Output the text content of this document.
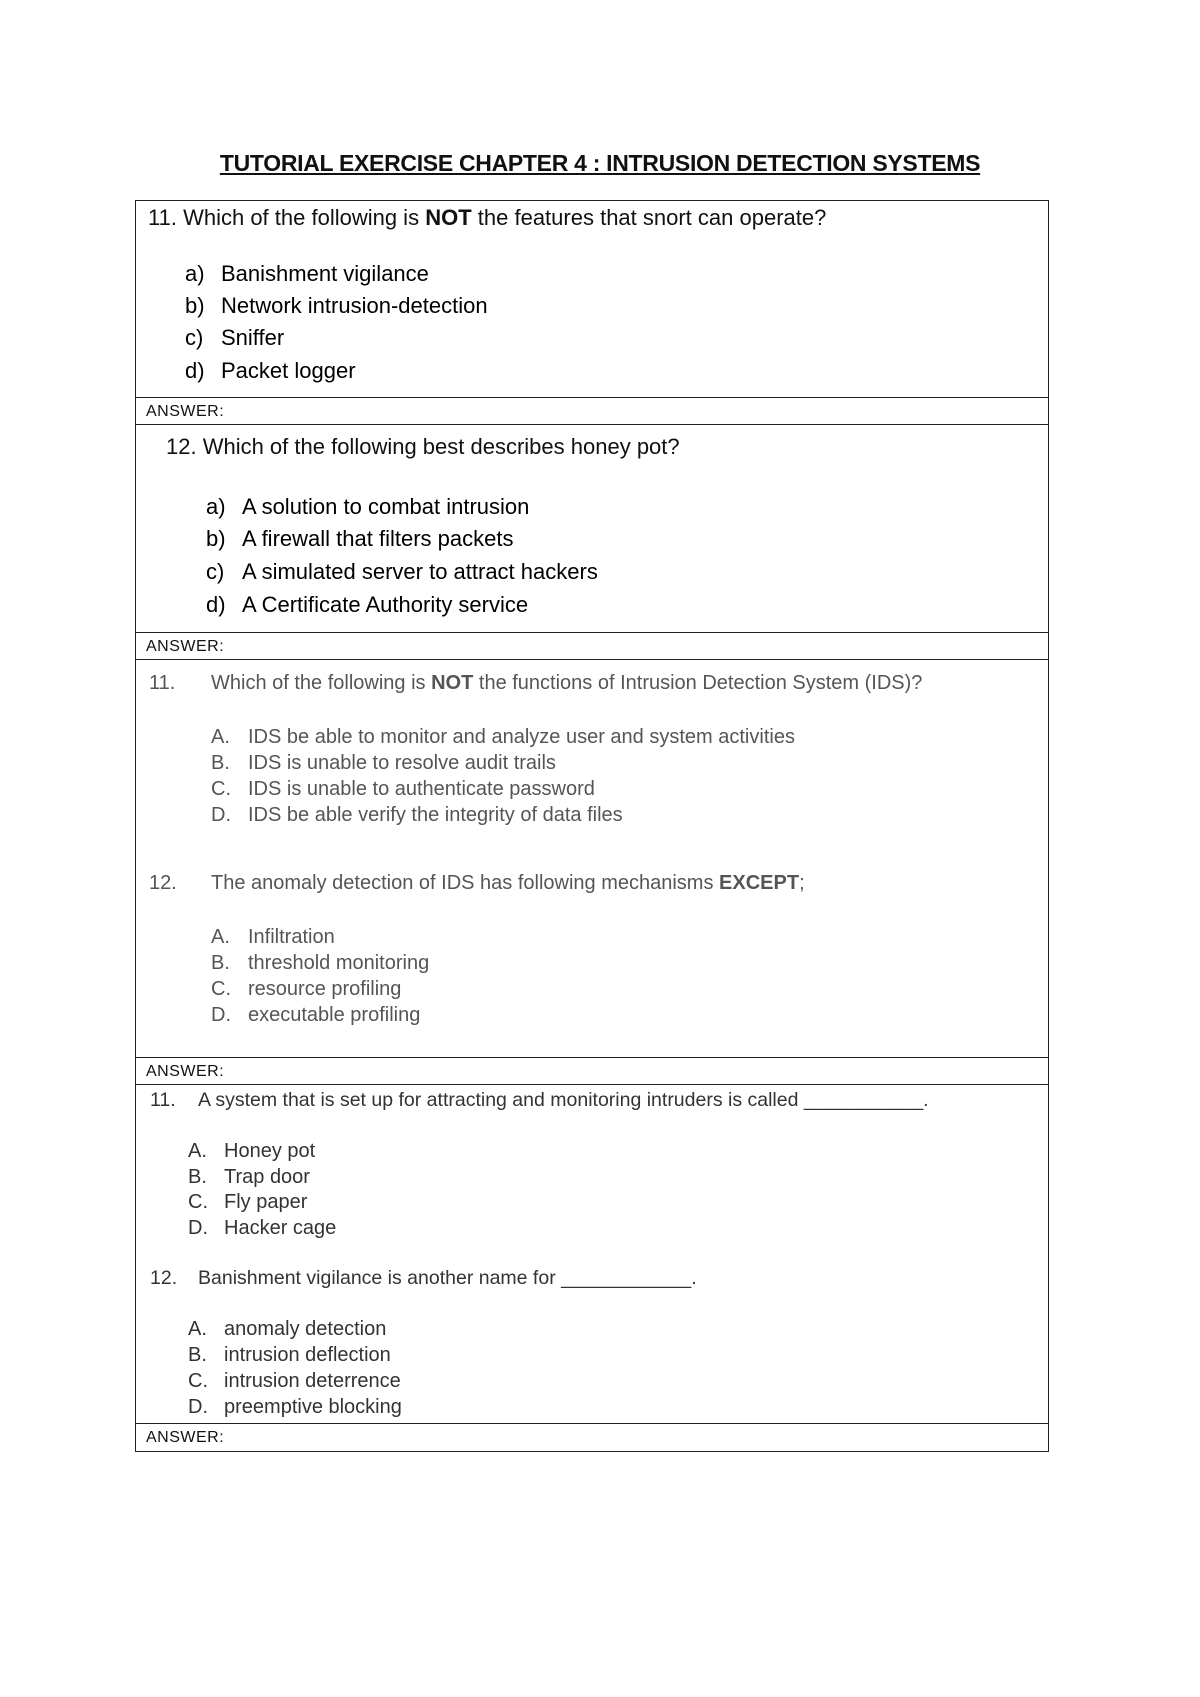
TUTORIAL EXERCISE CHAPTER 4 : INTRUSION DETECTION SYSTEMS
11. Which of the following is NOT the features that snort can operate?
a) Banishment vigilance
b) Network intrusion-detection
c) Sniffer
d) Packet logger
ANSWER:
12. Which of the following best describes honey pot?
a) A solution to combat intrusion
b) A firewall that filters packets
c) A simulated server to attract hackers
d) A Certificate Authority service
ANSWER:
11. Which of the following is NOT the functions of Intrusion Detection System (IDS)?
A. IDS be able to monitor and analyze user and system activities
B. IDS is unable to resolve audit trails
C. IDS is unable to authenticate password
D. IDS be able verify the integrity of data files
12. The anomaly detection of IDS has following mechanisms EXCEPT;
A. Infiltration
B. threshold monitoring
C. resource profiling
D. executable profiling
ANSWER:
11. A system that is set up for attracting and monitoring intruders is called ___________.
A. Honey pot
B. Trap door
C. Fly paper
D. Hacker cage
12. Banishment vigilance is another name for ____________.
A. anomaly detection
B. intrusion deflection
C. intrusion deterrence
D. preemptive blocking
ANSWER:
